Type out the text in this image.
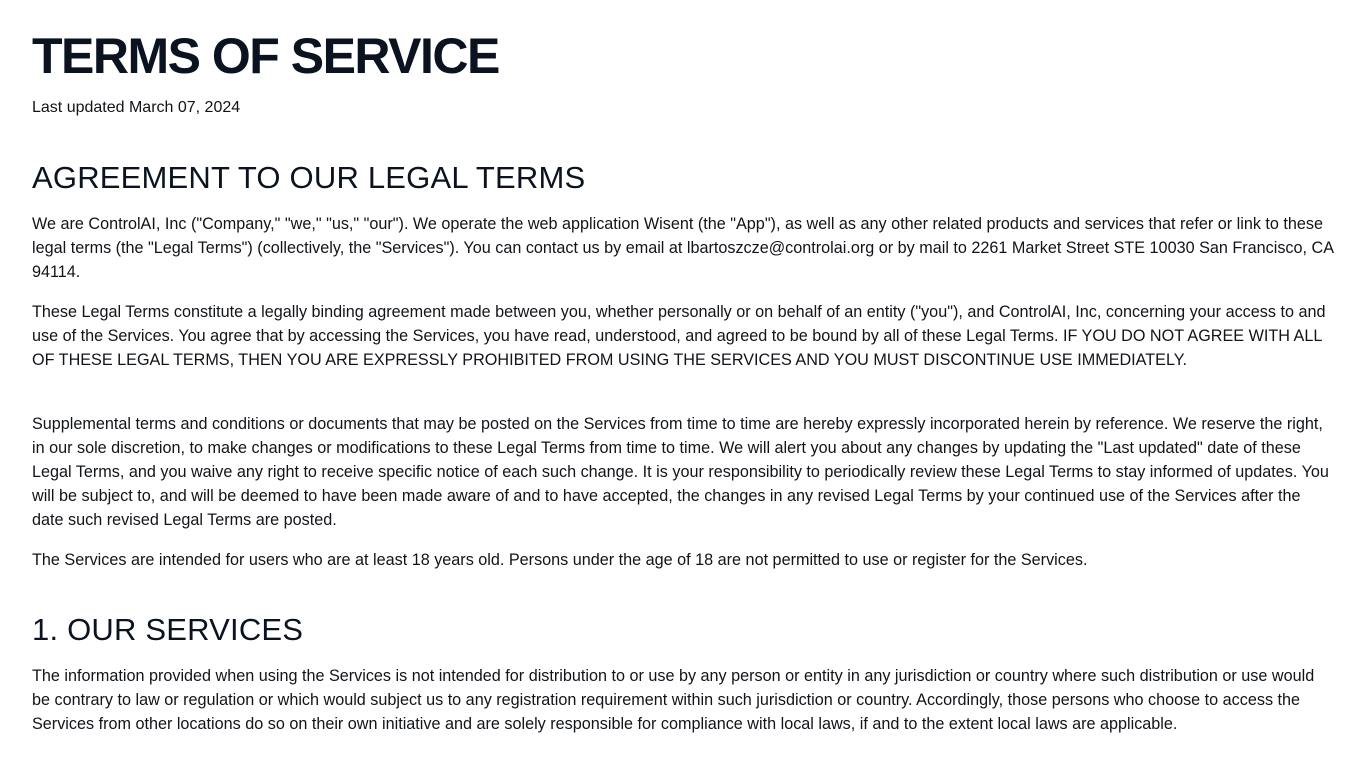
TERMS OF SERVICE

Last updated March 07, 2024

AGREEMENT TO OUR LEGAL TERMS

We are ControlAI, Inc ("Company," "we," "us," "our"). We operate the web application Wisent (the "App"), as well as any other related products and services that refer or link to these legal terms (the "Legal Terms") (collectively, the "Services"). You can contact us by email at lbartoszcze@controlai.org or by mail to 2261 Market Street STE 10030 San Francisco, CA 94114.

These Legal Terms constitute a legally binding agreement made between you, whether personally or on behalf of an entity ("you"), and ControlAI, Inc, concerning your access to and use of the Services. You agree that by accessing the Services, you have read, understood, and agreed to be bound by all of these Legal Terms. IF YOU DO NOT AGREE WITH ALL OF THESE LEGAL TERMS, THEN YOU ARE EXPRESSLY PROHIBITED FROM USING THE SERVICES AND YOU MUST DISCONTINUE USE IMMEDIATELY.

Supplemental terms and conditions or documents that may be posted on the Services from time to time are hereby expressly incorporated herein by reference. We reserve the right, in our sole discretion, to make changes or modifications to these Legal Terms from time to time. We will alert you about any changes by updating the "Last updated" date of these Legal Terms, and you waive any right to receive specific notice of each such change. It is your responsibility to periodically review these Legal Terms to stay informed of updates. You will be subject to, and will be deemed to have been made aware of and to have accepted, the changes in any revised Legal Terms by your continued use of the Services after the date such revised Legal Terms are posted.

The Services are intended for users who are at least 18 years old. Persons under the age of 18 are not permitted to use or register for the Services.

1. OUR SERVICES

The information provided when using the Services is not intended for distribution to or use by any person or entity in any jurisdiction or country where such distribution or use would be contrary to law or regulation or which would subject us to any registration requirement within such jurisdiction or country. Accordingly, those persons who choose to access the Services from other locations do so on their own initiative and are solely responsible for compliance with local laws, if and to the extent local laws are applicable.
